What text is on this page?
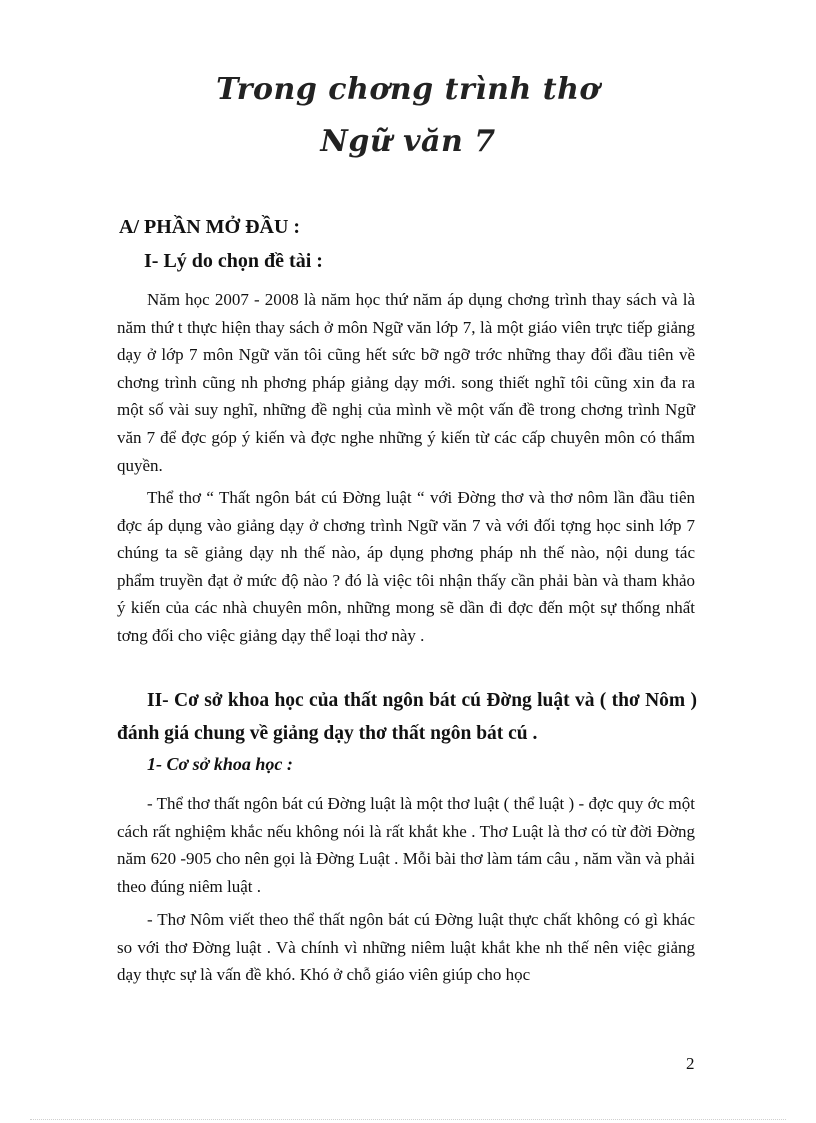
Trong chơng trình thơ
Ngữ văn 7
A/ PHẦN MỞ ĐẦU :
I- Lý do chọn đề tài :

Năm học 2007 - 2008 là năm học thứ năm áp dụng chơng trình thay sách và là năm thứ t thực hiện thay sách ở môn Ngữ văn lớp 7, là một giáo viên trực tiếp giảng dạy ở lớp 7 môn Ngữ văn tôi cũng hết sức bỡ ngỡ trớc những thay đổi đầu tiên về chơng trình cũng nh phơng pháp giảng dạy mới. song thiết nghĩ tôi cũng xin đa ra một số vài suy nghĩ, những đề nghị của mình về một vấn đề trong chơng trình Ngữ văn 7 để đợc góp ý kiến và đợc nghe những ý kiến từ các cấp chuyên môn có thẩm quyền.

Thể thơ “ Thất ngôn bát cú Đờng luật “ với Đờng thơ và thơ nôm lần đầu tiên đợc áp dụng vào giảng dạy ở chơng trình Ngữ văn 7 và với đối tợng học sinh lớp 7 chúng ta sẽ giảng dạy nh thế nào, áp dụng phơng pháp nh thế nào, nội dung tác phẩm truyền đạt ở mức độ nào ? đó là việc tôi nhận thấy cần phải bàn và tham khảo ý kiến của các nhà chuyên môn, những mong sẽ dần đi đợc đến một sự thống nhất tơng đối cho việc giảng dạy thể loại thơ này .

II- Cơ sở khoa học của thất ngôn bát cú Đờng luật và ( thơ Nôm ) đánh giá chung về giảng dạy thơ thất ngôn bát cú .
1- Cơ sở khoa học :

- Thể thơ thất ngôn bát cú Đờng luật là một thơ luật ( thể luật ) - đợc quy ớc một cách rất nghiệm khắc nếu không nói là rất khắt khe . Thơ Luật là thơ có từ đời Đờng năm 620 -905 cho nên gọi là Đờng Luật . Mỗi bài thơ làm tám câu , năm vần và phải theo đúng niêm luật .

- Thơ Nôm viết theo thể thất ngôn bát cú Đờng luật thực chất không có gì khác so với thơ Đờng luật . Và chính vì những niêm luật khắt khe nh thế nên việc giảng dạy thực sự là vấn đề khó. Khó ở chỗ giáo viên giúp cho học

2
